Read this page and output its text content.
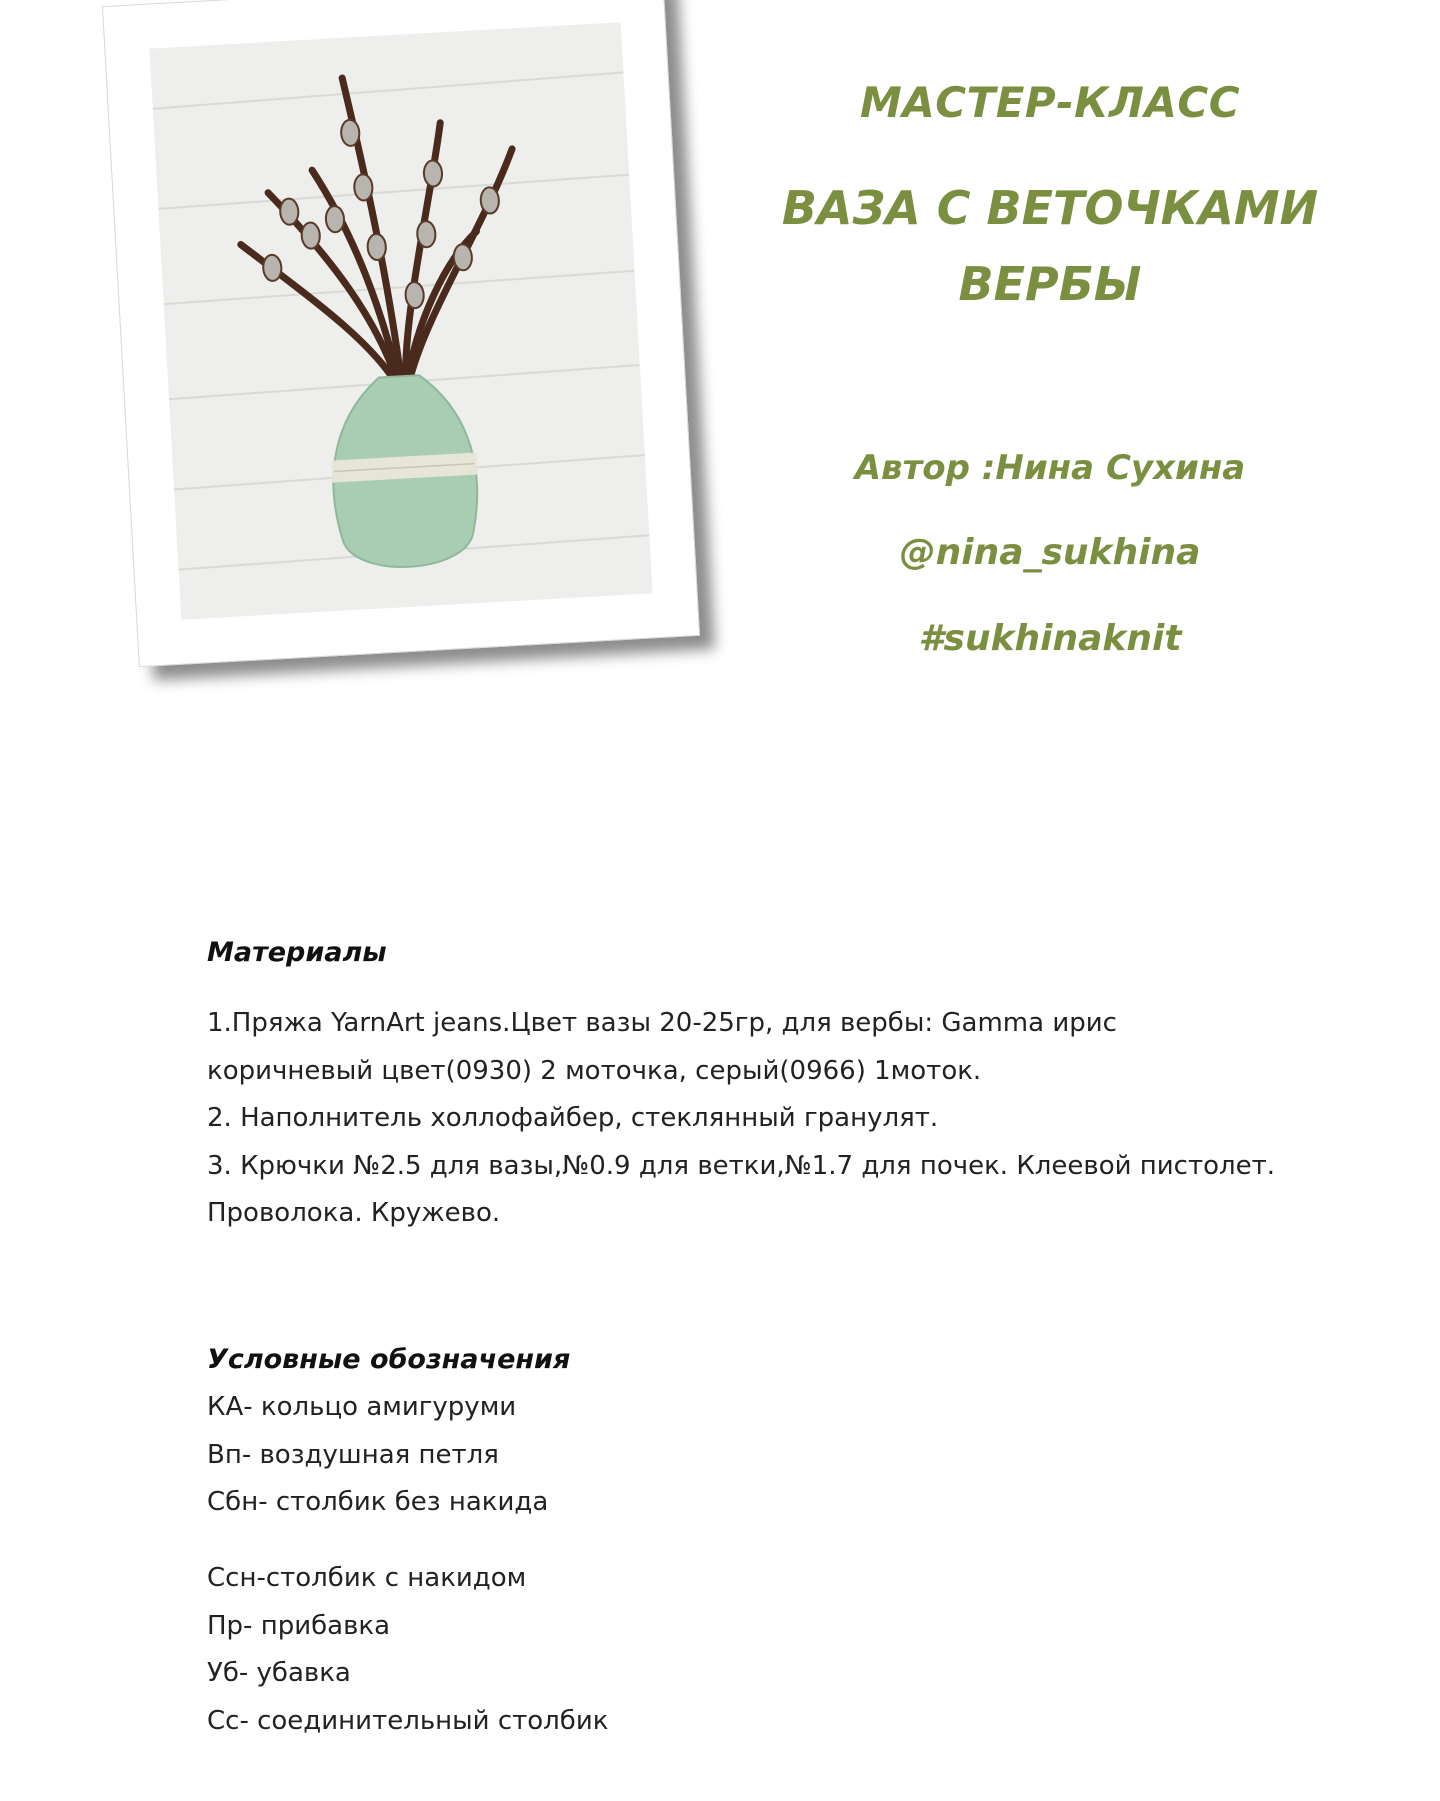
МАСТЕР-КЛАСС
ВАЗА С ВЕТОЧКАМИ
ВЕРБЫ
Автор :Нина Сухина
@nina_sukhina
#sukhinaknit
Материалы

1.Пряжа YarnArt jeans.Цвет вазы 20-25гр, для вербы: Gamma ирис

коричневый цвет(0930) 2 моточка, серый(0966) 1моток.

2. Наполнитель холлофайбер, стеклянный гранулят.

3. Крючки №2.5 для вазы,№0.9 для ветки,№1.7 для почек. Клеевой пистолет.

Проволока. Кружево.

Условные обозначения

КА- кольцо амигуруми

Вп- воздушная петля

Сбн- столбик без накида

Ссн-столбик с накидом

Пр- прибавка

Уб- убавка

Сс- соединительный столбик
